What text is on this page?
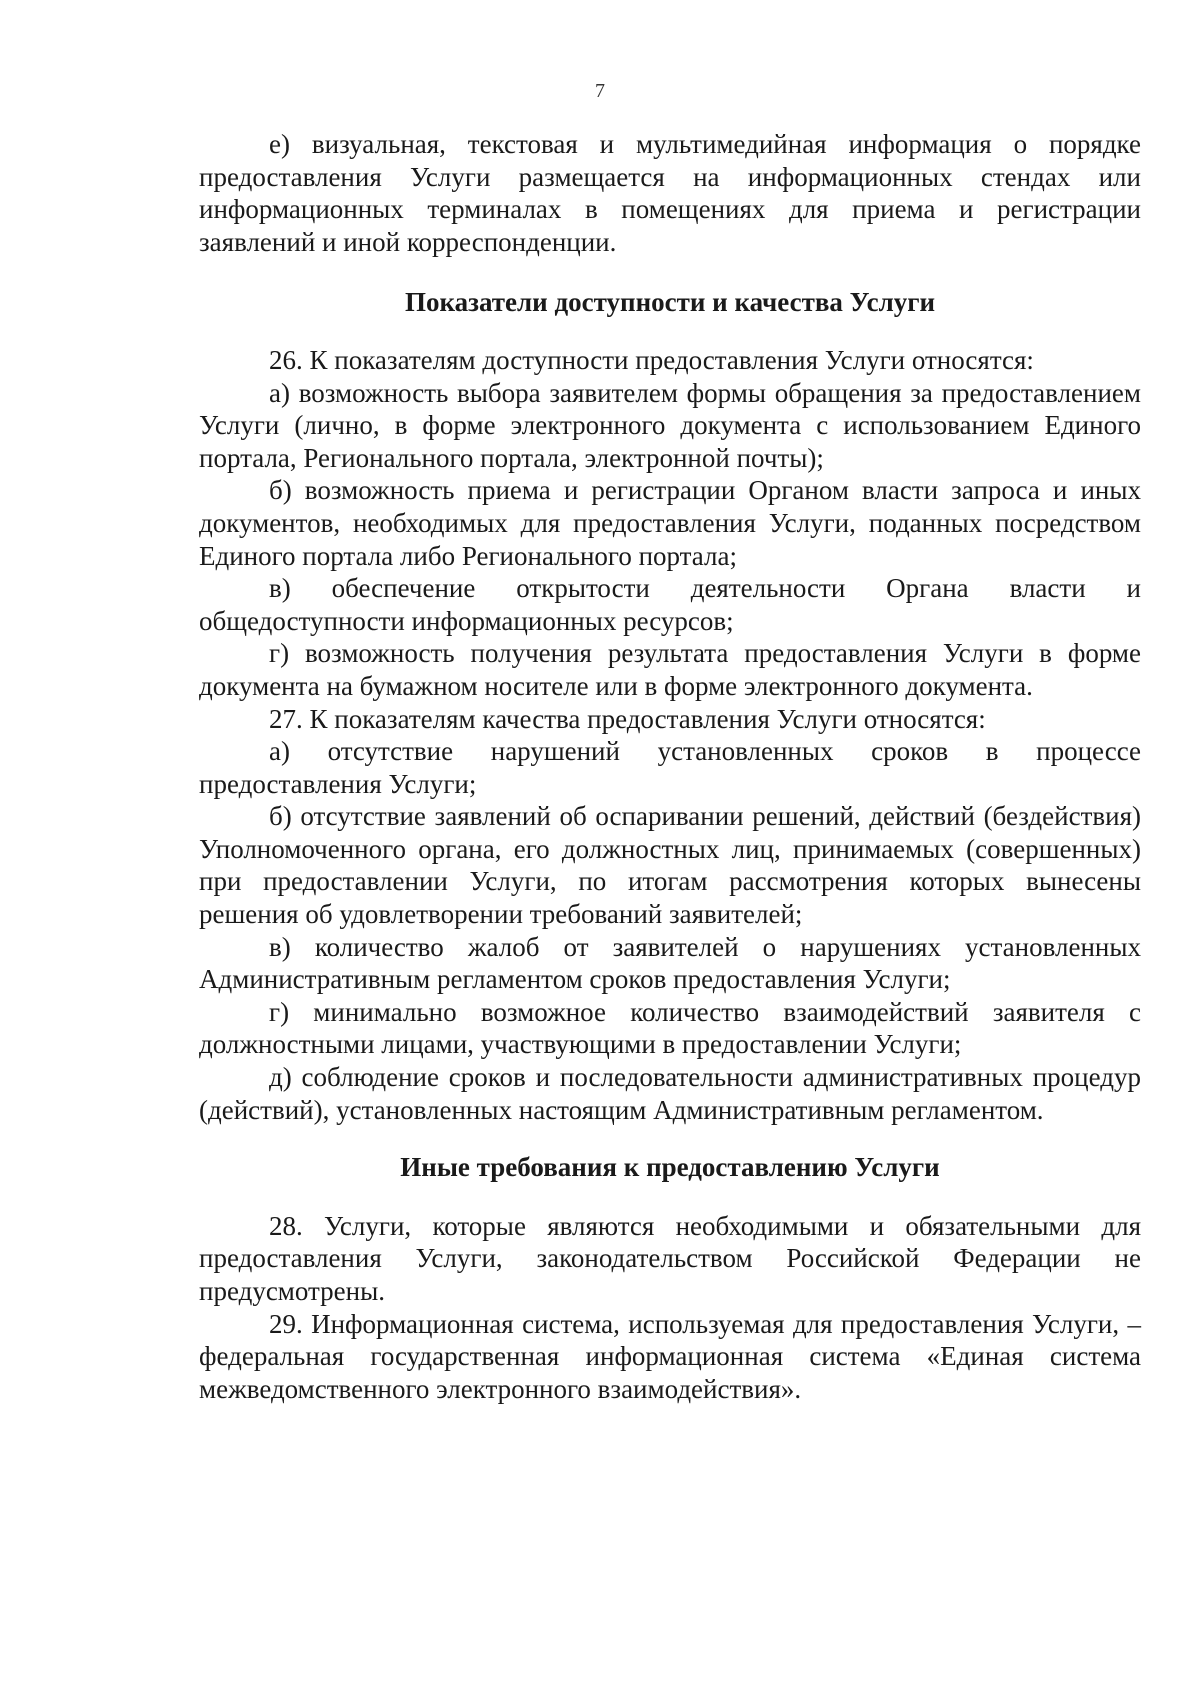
7

е) визуальная, текстовая и мультимедийная информация о порядке предоставления Услуги размещается на информационных стендах или информационных терминалах в помещениях для приема и регистрации заявлений и иной корреспонденции.

Показатели доступности и качества Услуги

26. К показателям доступности предоставления Услуги относятся:

а) возможность выбора заявителем формы обращения за предоставлением Услуги (лично, в форме электронного документа с использованием Единого портала, Регионального портала, электронной почты);

б) возможность приема и регистрации Органом власти запроса и иных документов, необходимых для предоставления Услуги, поданных посредством Единого портала либо Регионального портала;

в) обеспечение открытости деятельности Органа власти и общедоступности информационных ресурсов;

г) возможность получения результата предоставления Услуги в форме документа на бумажном носителе или в форме электронного документа.

27. К показателям качества предоставления Услуги относятся:

а) отсутствие нарушений установленных сроков в процессе предоставления Услуги;

б) отсутствие заявлений об оспаривании решений, действий (бездействия) Уполномоченного органа, его должностных лиц, принимаемых (совершенных) при предоставлении Услуги, по итогам рассмотрения которых вынесены решения об удовлетворении требований заявителей;

в) количество жалоб от заявителей о нарушениях установленных Административным регламентом сроков предоставления Услуги;

г) минимально возможное количество взаимодействий заявителя с должностными лицами, участвующими в предоставлении Услуги;

д) соблюдение сроков и последовательности административных процедур (действий), установленных настоящим Административным регламентом.

Иные требования к предоставлению Услуги

28. Услуги, которые являются необходимыми и обязательными для предоставления Услуги, законодательством Российской Федерации не предусмотрены.

29. Информационная система, используемая для предоставления Услуги, – федеральная государственная информационная система «Единая система межведомственного электронного взаимодействия».
